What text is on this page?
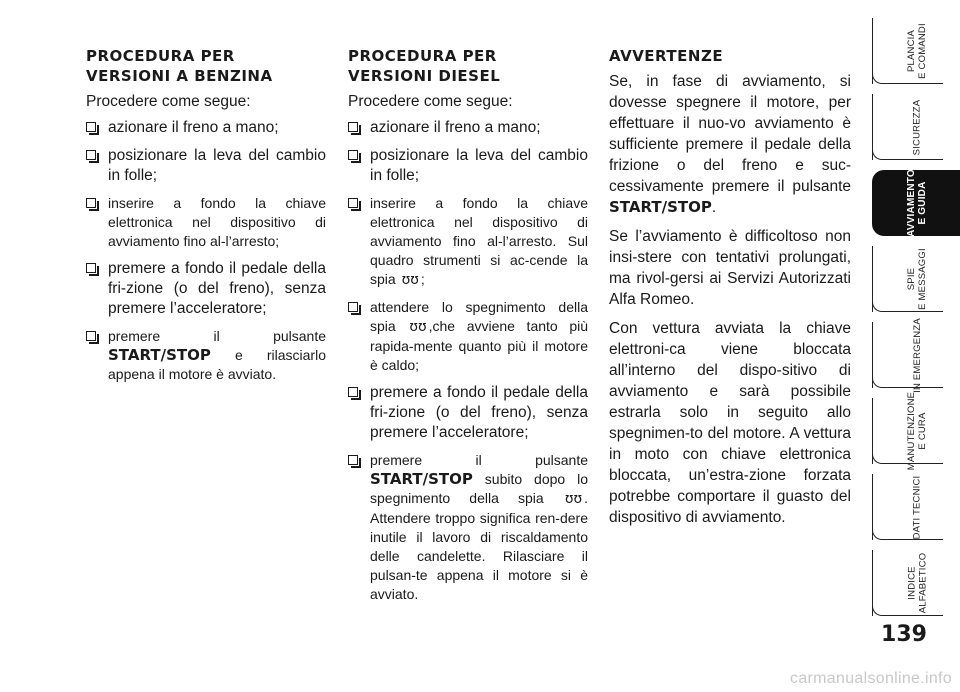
PROCEDURA PER
VERSIONI A BENZINA
Procedere come segue:
azionare il freno a mano;
posizionare la leva del cambio in folle;
inserire a fondo la chiave elettronica nel dispositivo di avviamento fino al-l’arresto;
premere a fondo il pedale della fri-zione (o del freno), senza premere l’acceleratore;
premere il pulsante START/STOP e rilasciarlo appena il motore è avviato.
PROCEDURA PER
VERSIONI DIESEL
Procedere come segue:
azionare il freno a mano;
posizionare la leva del cambio in folle;
inserire a fondo la chiave elettronica nel dispositivo di avviamento fino al-l’arresto. Sul quadro strumenti si ac-cende la spia ʊʊ ;
attendere lo spegnimento della spia ʊʊ ,che avviene tanto più rapida-mente quanto più il motore è caldo;
premere a fondo il pedale della fri-zione (o del freno), senza premere l’acceleratore;
premere il pulsante START/STOP subito dopo lo spegnimento della spia ʊʊ . Attendere troppo significa ren-dere inutile il lavoro di riscaldamento delle candelette. Rilasciare il pulsan-te appena il motore si è avviato.
AVVERTENZE

Se, in fase di avviamento, si dovesse spegnere il motore, per effettuare il nuo-vo avviamento è sufficiente premere il pedale della frizione o del freno e suc-cessivamente premere il pulsante START/STOP.

Se l’avviamento è difficoltoso non insi-stere con tentativi prolungati, ma rivol-gersi ai Servizi Autorizzati Alfa Romeo.

Con vettura avviata la chiave elettroni-ca viene bloccata all’interno del dispo-sitivo di avviamento e sarà possibile estrarla solo in seguito allo spegnimen-to del motore. A vettura in moto con chiave elettronica bloccata, un’estra-zione forzata potrebbe comportare il guasto del dispositivo di avviamento.

PLANCIA
E COMANDI
SICUREZZA
AVVIAMENTO
E GUIDA
SPIE
E MESSAGGI
IN EMERGENZA
MANUTENZIONE
E CURA
DATI TECNICI
INDICE
ALFABETICO
139
carmanualsonline.info
